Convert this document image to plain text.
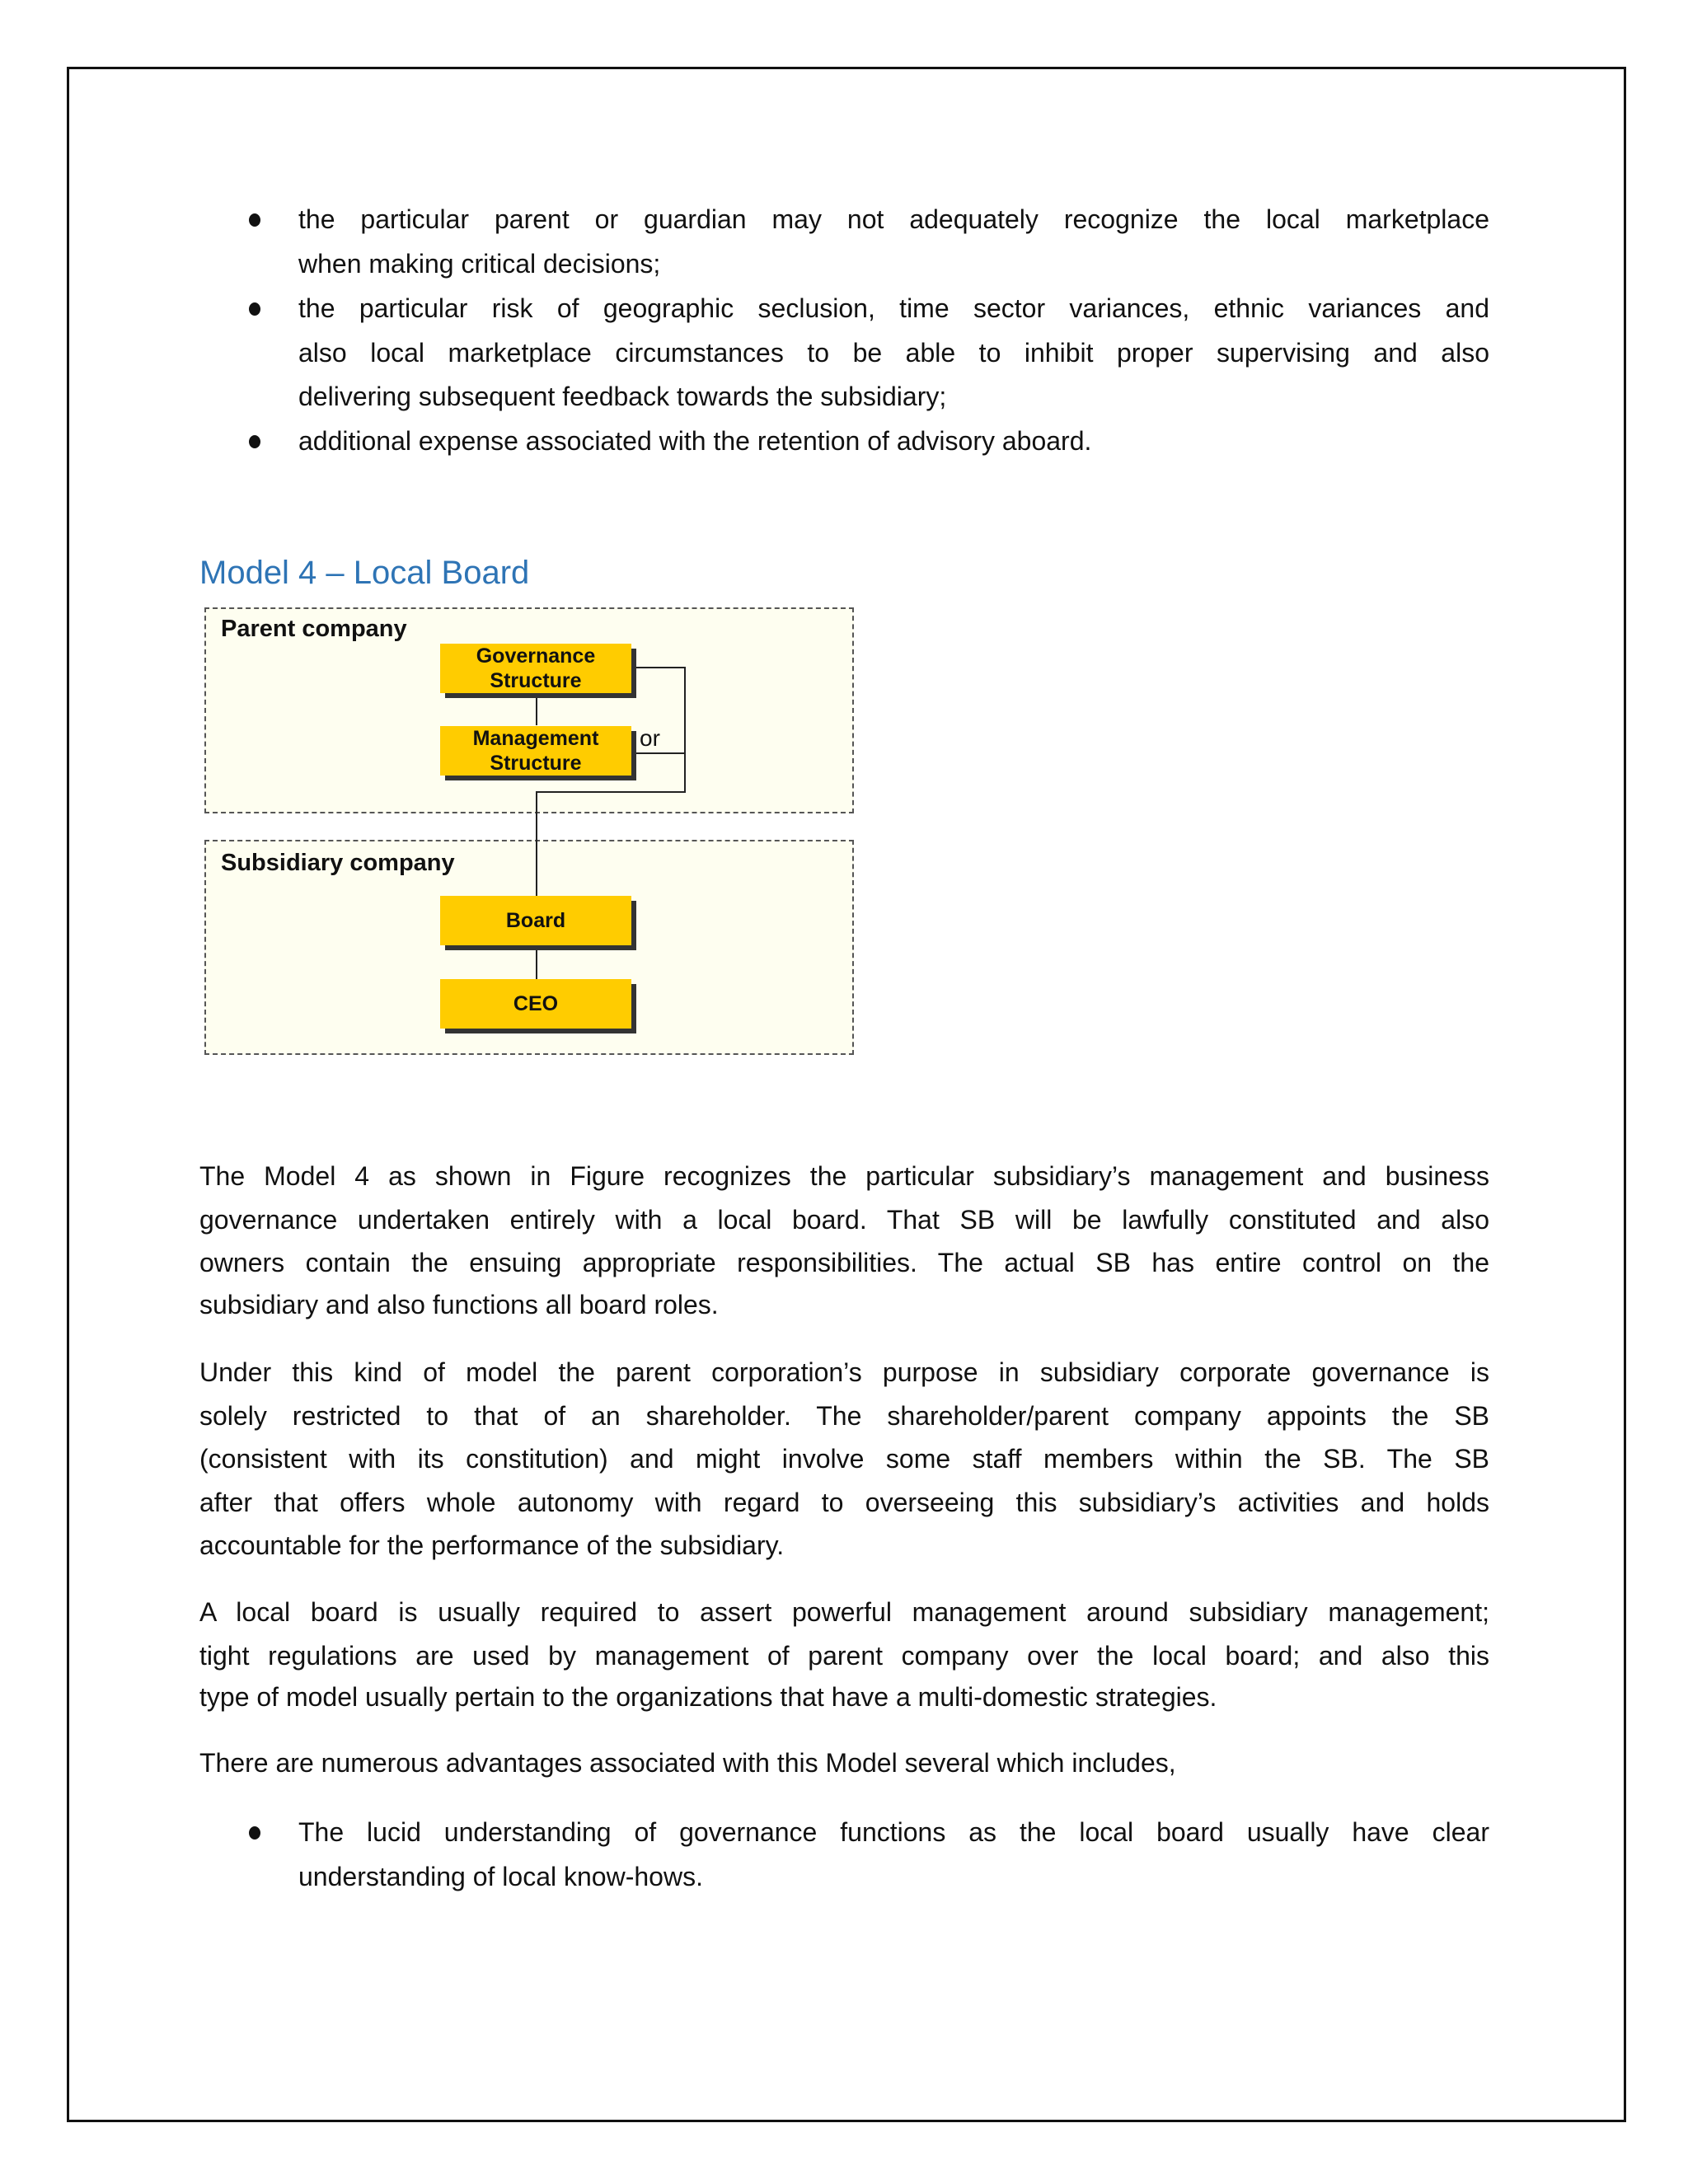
the particular parent or guardian may not adequately recognize the local marketplace
when making critical decisions;
the particular risk of geographic seclusion, time sector variances, ethnic variances and
also local marketplace circumstances to be able to inhibit proper supervising and also
delivering subsequent feedback towards the subsidiary;
additional expense associated with the retention of advisory aboard.
Model 4 – Local Board
Parent company
Subsidiary company
Governance
Structure
Management
Structure
or
Board
CEO
The Model 4 as shown in Figure recognizes the particular subsidiary’s management and business
governance undertaken entirely with a local board. That SB will be lawfully constituted and also
owners contain the ensuing appropriate responsibilities. The actual SB has entire control on the
subsidiary and also functions all board roles.
Under this kind of model the parent corporation’s purpose in subsidiary corporate governance is
solely restricted to that of an shareholder. The shareholder/parent company appoints the SB
(consistent with its constitution) and might involve some staff members within the SB. The SB
after that offers whole autonomy with regard to overseeing this subsidiary’s activities and holds
accountable for the performance of the subsidiary.
A local board is usually required to assert powerful management around subsidiary management;
tight regulations are used by management of parent company over the local board; and also this
type of model usually pertain to the organizations that have a multi-domestic strategies.
There are numerous advantages associated with this Model several which includes,
The lucid understanding of governance functions as the local board usually have clear
understanding of local know-hows.
